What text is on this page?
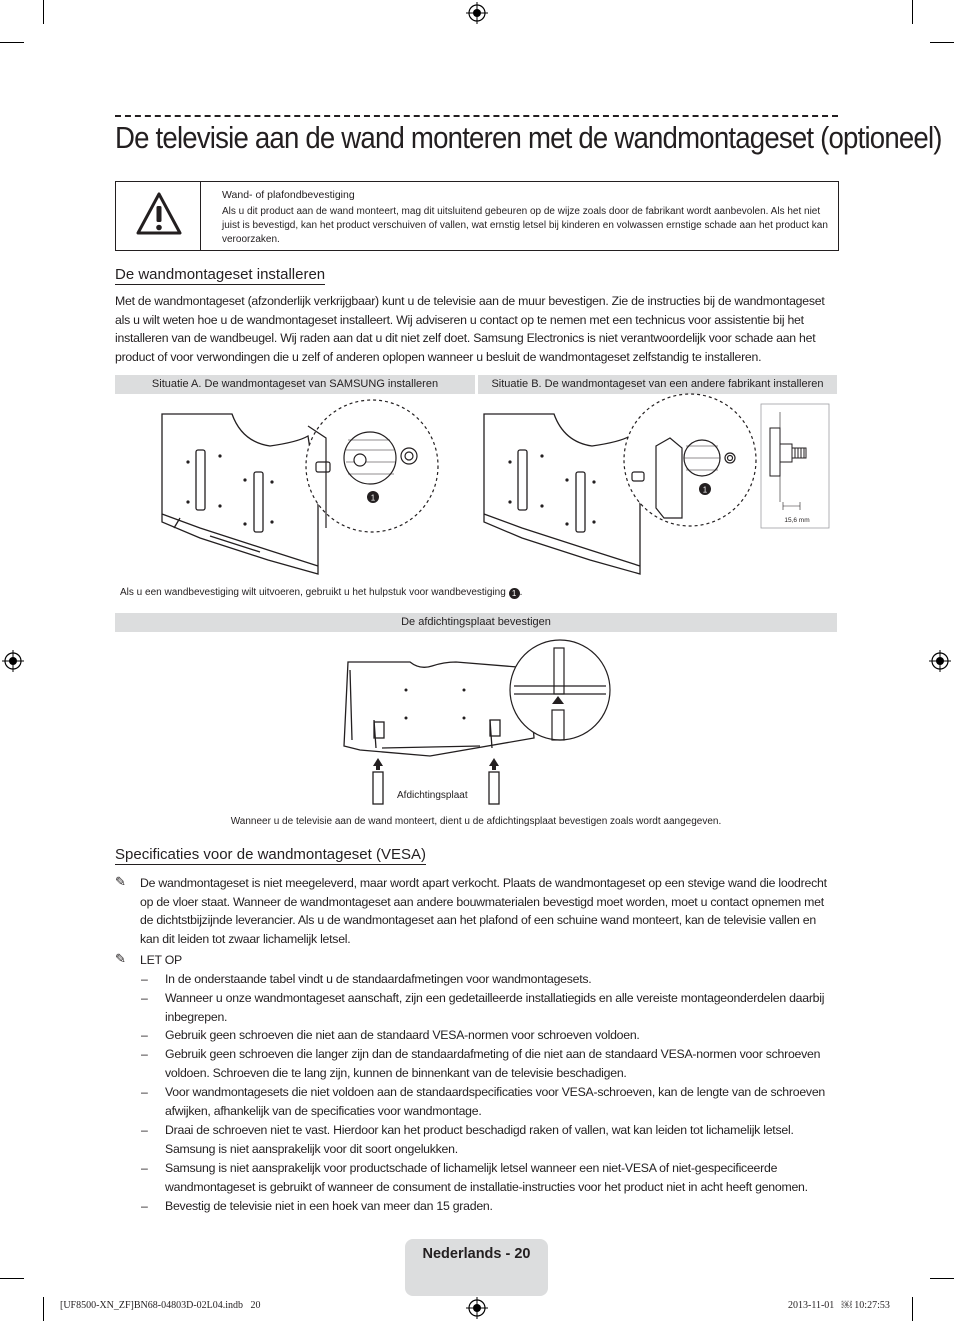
De televisie aan de wand monteren met de wandmontageset (optioneel)
Wand- of plafondbevestiging
Als u dit product aan de wand monteert, mag dit uitsluitend gebeuren op de wijze zoals door de fabrikant wordt aanbevolen. Als het niet juist is bevestigd, kan het product verschuiven of vallen, wat ernstig letsel bij kinderen en volwassen ernstige schade aan het product kan veroorzaken.
De wandmontageset installeren
Met de wandmontageset (afzonderlijk verkrijgbaar) kunt u de televisie aan de muur bevestigen. Zie de instructies bij de wandmontageset als u wilt weten hoe u de wandmontageset installeert. Wij adviseren u contact op te nemen met een technicus voor assistentie bij het installeren van de wandbeugel. Wij raden aan dat u dit niet zelf doet. Samsung Electronics is niet verantwoordelijk voor schade aan het product of voor verwondingen die u zelf of anderen oplopen wanneer u besluit de wandmontageset zelfstandig te installeren.
Situatie A. De wandmontageset van SAMSUNG installeren	Situatie B. De wandmontageset van een andere fabrikant installeren
1
1
15,6 mm
Als u een wandbevestiging wilt uitvoeren, gebruikt u het hulpstuk voor wandbevestiging 1 .
De afdichtingsplaat bevestigen
Afdichtingsplaat
Wanneer u de televisie aan de wand monteert, dient u de afdichtingsplaat bevestigen zoals wordt aangegeven.
Specificaties voor de wandmontageset (VESA)
✎ De wandmontageset is niet meegeleverd, maar wordt apart verkocht. Plaats de wandmontageset op een stevige wand die loodrecht op de vloer staat. Wanneer de wandmontageset aan andere bouwmaterialen bevestigd moet worden, moet u contact opnemen met de dichtstbijzijnde leverancier. Als u de wandmontageset aan het plafond of een schuine wand monteert, kan de televisie vallen en kan dit leiden tot zwaar lichamelijk letsel.
✎ LET OP
– In de onderstaande tabel vindt u de standaardafmetingen voor wandmontagesets.
– Wanneer u onze wandmontageset aanschaft, zijn een gedetailleerde installatiegids en alle vereiste montageonderdelen daarbij inbegrepen.
– Gebruik geen schroeven die niet aan de standaard VESA-normen voor schroeven voldoen.
– Gebruik geen schroeven die langer zijn dan de standaardafmeting of die niet aan de standaard VESA-normen voor schroeven voldoen. Schroeven die te lang zijn, kunnen de binnenkant van de televisie beschadigen.
– Voor wandmontagesets die niet voldoen aan de standaardspecificaties voor VESA-schroeven, kan de lengte van de schroeven afwijken, afhankelijk van de specificaties voor wandmontage.
– Draai de schroeven niet te vast. Hierdoor kan het product beschadigd raken of vallen, wat kan leiden tot lichamelijk letsel. Samsung is niet aansprakelijk voor dit soort ongelukken.
– Samsung is niet aansprakelijk voor productschade of lichamelijk letsel wanneer een niet-VESA of niet-gespecificeerde wandmontageset is gebruikt of wanneer de consument de installatie-instructies voor het product niet in acht heeft genomen.
– Bevestig de televisie niet in een hoek van meer dan 15 graden.
Nederlands - 20
[UF8500-XN_ZF]BN68-04803D-02L04.indb   20	2013-11-01   ￼ 10:27:53
